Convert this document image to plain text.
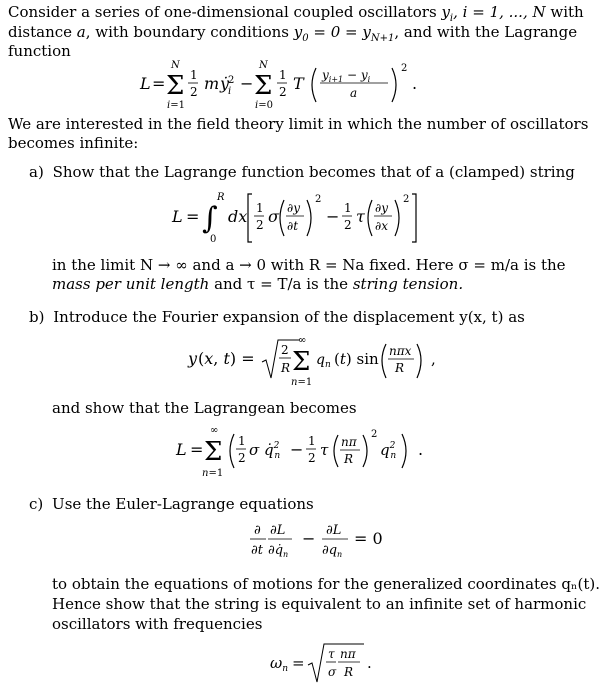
Consider a series of one-dimensional coupled oscillators $y_i$, i = 1, ..., N with
distance a, with boundary conditions $y_0 = 0 = y_{N+1}$, and with the Lagrange
function
L = Σ
N
i=1
1
2 m ẏ
2
i − Σ
N
i=0
1
2 T $y_{i+1} - y_i$
a
2
.
We are interested in the field theory limit in which the number of oscillators
becomes infinite:
a) Show that the Lagrange function becomes that of a (clamped) string
L = ∫
R
0
dx 1
2 σ ∂y
∂t
2
− 1
2 τ ∂y
∂x
2
in the limit N → ∞ and a → 0 with R = Na fixed. Here σ = m/a is the
mass per unit length and τ = T/a is the string tension.
b) Introduce the Fourier expansion of the displacement y(x, t) as
y (x, t) = 2
R Σ
∞
n=1
$q_n$ (t) sin nπx
R ,
and show that the Lagrangean becomes
L = Σ
∞
n=1
1
2 σ q̇$^2$ n − 1
2 τ nπ
R
2
$q^2$ n .
c) Use the Euler-Lagrange equations
∂
∂t
∂L
$\partial q̇_n$
− ∂L
$\partial q_n$
= 0
to obtain the equations of motions for the generalized coordinates qₙ(t).
Hence show that the string is equivalent to an infinite set of harmonic
oscillators with frequencies
$\omega_n = \tau$
σ
nπ
R .
